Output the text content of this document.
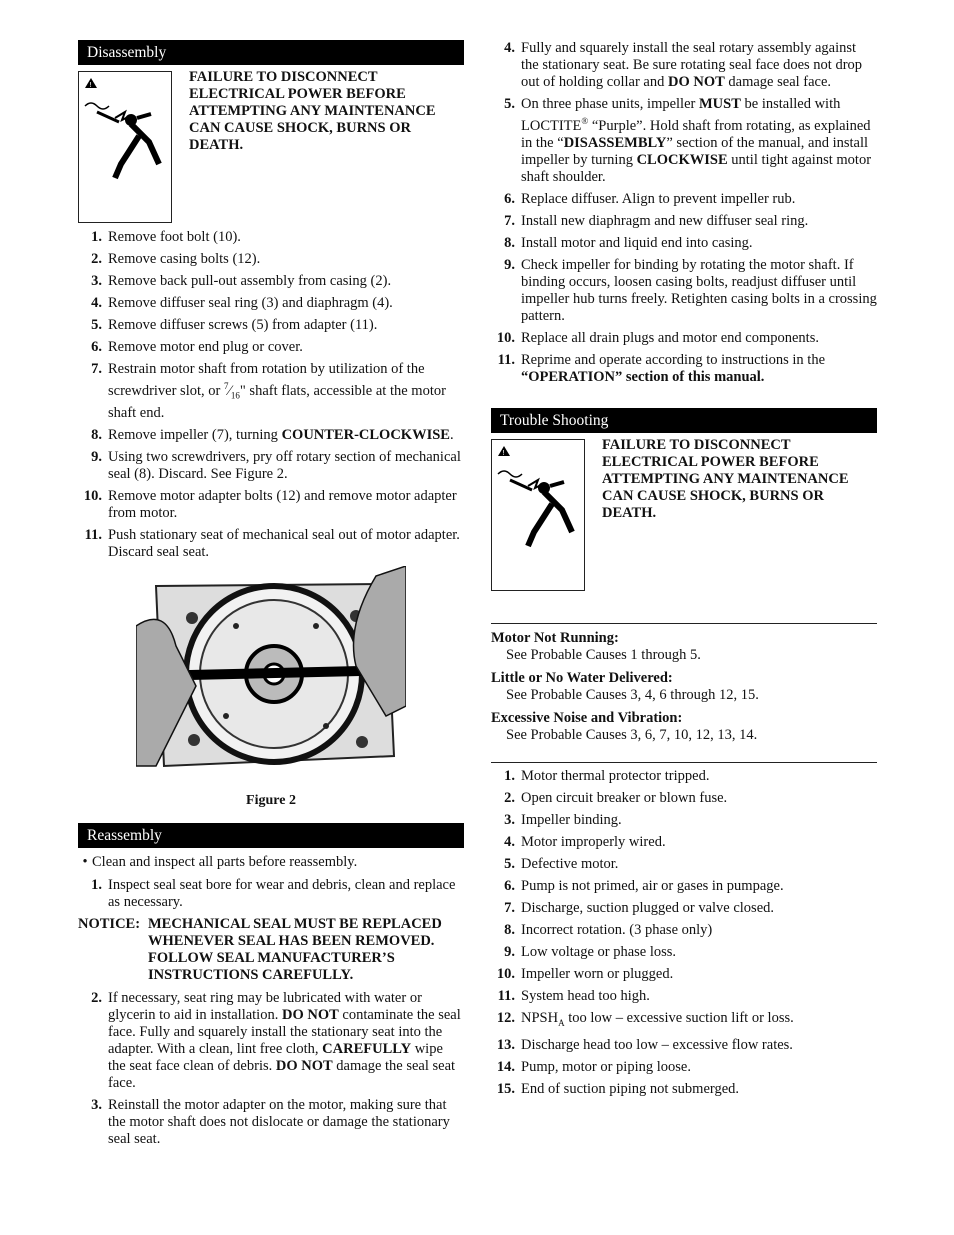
Disassembly
!	FAILURE TO DISCONNECT ELECTRICAL POWER BEFORE ATTEMPTING ANY MAINTENANCE CAN CAUSE SHOCK, BURNS OR DEATH.
1. Remove foot bolt (10).
2. Remove casing bolts (12).
3. Remove back pull-out assembly from casing (2).
4. Remove diffuser seal ring (3) and diaphragm (4).
5. Remove diffuser screws (5) from adapter (11).
6. Remove motor end plug or cover.
7. Restrain motor shaft from rotation by utilization of the screwdriver slot, or $^7⁄_{16}$" shaft flats, accessible at the motor shaft end.
8. Remove impeller (7), turning COUNTER-CLOCKWISE.
9. Using two screwdrivers, pry off rotary section of mechanical seal (8). Discard. See Figure 2.
10. Remove motor adapter bolts (12) and remove motor adapter from motor.
11. Push stationary seat of mechanical seal out of motor adapter. Discard seal seat.
Figure 2
Reassembly
• Clean and inspect all parts before reassembly.
1. Inspect seal seat bore for wear and debris, clean and replace as necessary.
NOTICE: MECHANICAL SEAL MUST BE REPLACED WHENEVER SEAL HAS BEEN REMOVED. FOLLOW SEAL MANUFACTURER’S INSTRUCTIONS CAREFULLY.
2. If necessary, seat ring may be lubricated with water or glycerin to aid in installation. DO NOT contaminate the seal face. Fully and squarely install the stationary seat into the adapter. With a clean, lint free cloth, CAREFULLY wipe the seat face clean of debris. DO NOT damage the seal seat face.
3. Reinstall the motor adapter on the motor, making sure that the motor shaft does not dislocate or damage the stationary seal seat.
4. Fully and squarely install the seal rotary assembly against the stationary seat. Be sure rotating seal face does not drop out of holding collar and DO NOT damage seal face.
5. On three phase units, impeller MUST be installed with LOCTITE® “Purple”. Hold shaft from rotating, as explained in the “DISASSEMBLY” section of the manual, and install impeller by turning CLOCKWISE until tight against motor shaft shoulder.
6. Replace diffuser. Align to prevent impeller rub.
7. Install new diaphragm and new diffuser seal ring.
8. Install motor and liquid end into casing.
9. Check impeller for binding by rotating the motor shaft. If binding occurs, loosen casing bolts, readjust diffuser until impeller hub turns freely. Retighten casing bolts in a crossing pattern.
10. Replace all drain plugs and motor end components.
11. Reprime and operate according to instructions in the “OPERATION” section of this manual.
Trouble Shooting
!	FAILURE TO DISCONNECT ELECTRICAL POWER BEFORE ATTEMPTING ANY MAINTENANCE CAN CAUSE SHOCK, BURNS OR DEATH.
Motor Not Running:
See Probable Causes 1 through 5.
Little or No Water Delivered:
See Probable Causes 3, 4, 6 through 12, 15.
Excessive Noise and Vibration:
See Probable Causes 3, 6, 7, 10, 12, 13, 14.
1. Motor thermal protector tripped.
2. Open circuit breaker or blown fuse.
3. Impeller binding.
4. Motor improperly wired.
5. Defective motor.
6. Pump is not primed, air or gases in pumpage.
7. Discharge, suction plugged or valve closed.
8. Incorrect rotation. (3 phase only)
9. Low voltage or phase loss.
10. Impeller worn or plugged.
11. System head too high.
12. $NPSH_A$ too low – excessive suction lift or loss.
13. Discharge head too low – excessive flow rates.
14. Pump, motor or piping loose.
15. End of suction piping not submerged.
